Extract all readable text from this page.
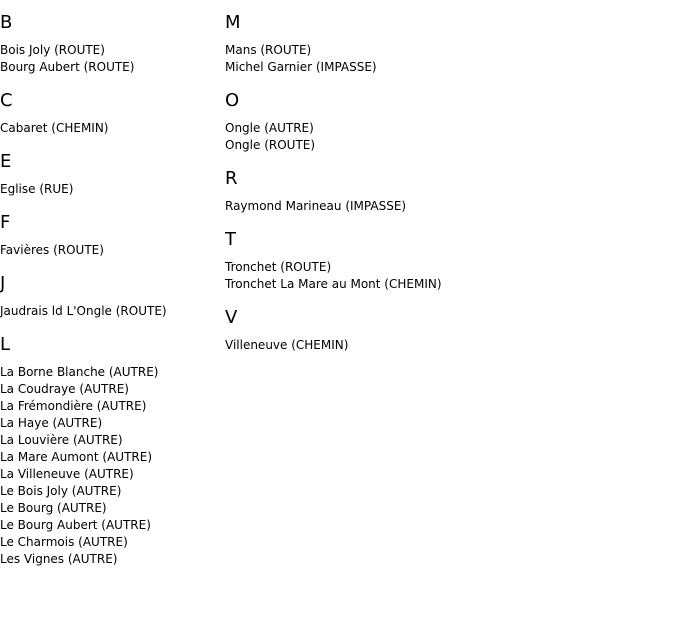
B
Bois Joly (ROUTE)
Bourg Aubert (ROUTE)
C
Cabaret (CHEMIN)
E
Eglise (RUE)
F
Favières (ROUTE)
J
Jaudrais ld L'Ongle (ROUTE)
L
La Borne Blanche (AUTRE)
La Coudraye (AUTRE)
La Frémondière (AUTRE)
La Haye (AUTRE)
La Louvière (AUTRE)
La Mare Aumont (AUTRE)
La Villeneuve (AUTRE)
Le Bois Joly (AUTRE)
Le Bourg (AUTRE)
Le Bourg Aubert (AUTRE)
Le Charmois (AUTRE)
Les Vignes (AUTRE)
M
Mans (ROUTE)
Michel Garnier (IMPASSE)
O
Ongle (AUTRE)
Ongle (ROUTE)
R
Raymond Marineau (IMPASSE)
T
Tronchet (ROUTE)
Tronchet La Mare au Mont (CHEMIN)
V
Villeneuve (CHEMIN)
